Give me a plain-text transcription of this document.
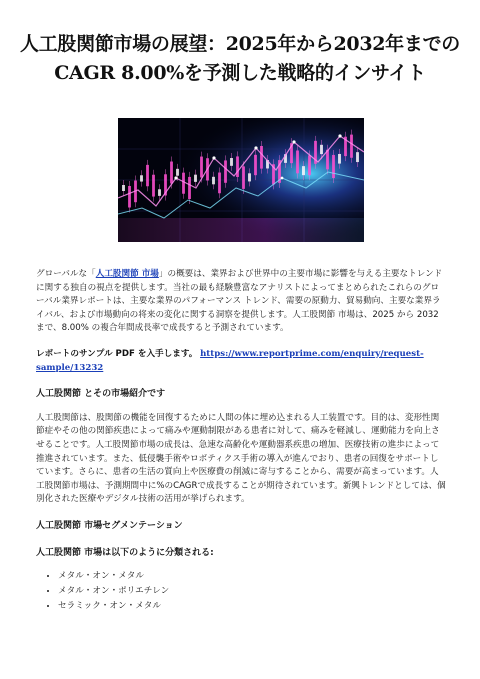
人工股関節市場の展望：2025年から2032年までのCAGR 8.00%を予測した戦略的インサイト

グローバルな「人工股関節 市場」の概要は、業界および世界中の主要市場に影響を与える主要なトレンドに関する独自の視点を提供します。当社の最も経験豊富なアナリストによってまとめられたこれらのグローバル業界レポートは、主要な業界のパフォーマンス トレンド、需要の原動力、貿易動向、主要な業界ライバル、および市場動向の将来の変化に関する洞察を提供します。人工股関節 市場は、2025 から 2032 まで、8.00% の複合年間成長率で成長すると予測されています。

レポートのサンプル PDF を入手します。 https://www.reportprime.com/enquiry/request-sample/13232

人工股関節 とその市場紹介です

人工股関節は、股関節の機能を回復するために人間の体に埋め込まれる人工装置です。目的は、変形性関節症やその他の関節疾患によって痛みや運動制限がある患者に対して、痛みを軽減し、運動能力を向上させることです。人工股関節市場の成長は、急速な高齢化や運動器系疾患の増加、医療技術の進歩によって推進されています。また、低侵襲手術やロボティクス手術の導入が進んでおり、患者の回復をサポートしています。さらに、患者の生活の質向上や医療費の削減に寄与することから、需要が高まっています。人工股関節市場は、予測期間中に%のCAGRで成長することが期待されています。新興トレンドとしては、個別化された医療やデジタル技術の活用が挙げられます。

人工股関節 市場セグメンテーション

人工股関節 市場は以下のように分類される:

• メタル・オン・メタル
• メタル・オン・ポリエチレン
• セラミック・オン・メタル
